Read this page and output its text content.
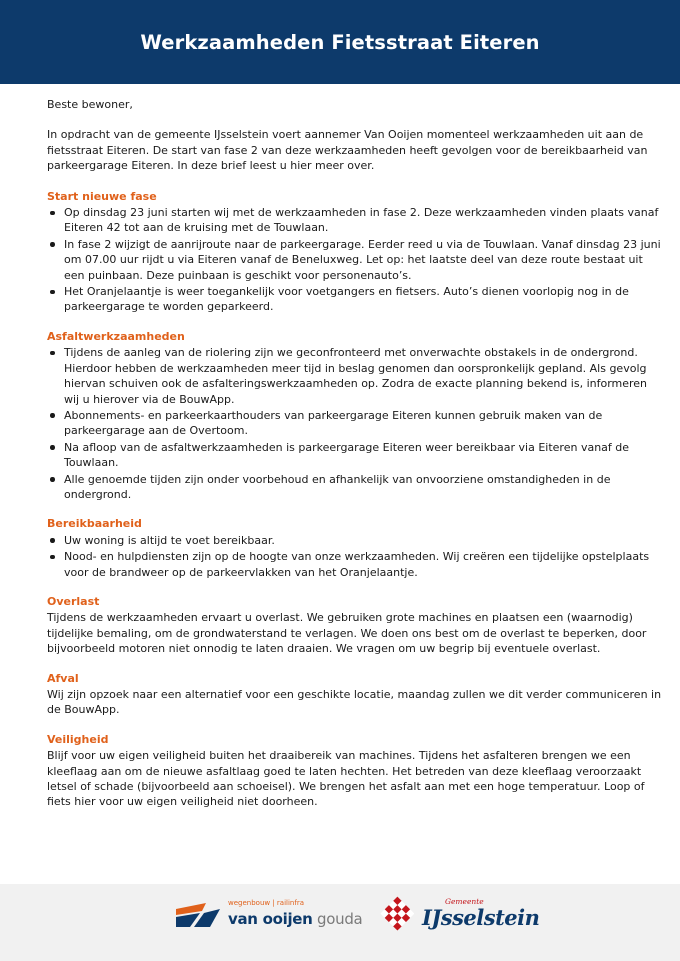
Werkzaamheden Fietsstraat Eiteren

Beste bewoner,

In opdracht van de gemeente IJsselstein voert aannemer Van Ooijen momenteel werkzaamheden uit aan de fietsstraat Eiteren. De start van fase 2 van deze werkzaamheden heeft gevolgen voor de bereikbaarheid van parkeergarage Eiteren. In deze brief leest u hier meer over.

Start nieuwe fase
Op dinsdag 23 juni starten wij met de werkzaamheden in fase 2. Deze werkzaamheden vinden plaats vanaf Eiteren 42 tot aan de kruising met de Touwlaan.
In fase 2 wijzigt de aanrijroute naar de parkeergarage. Eerder reed u via de Touwlaan. Vanaf dinsdag 23 juni om 07.00 uur rijdt u via Eiteren vanaf de Beneluxweg. Let op: het laatste deel van deze route bestaat uit een puinbaan. Deze puinbaan is geschikt voor personenauto’s.
Het Oranjelaantje is weer toegankelijk voor voetgangers en fietsers. Auto’s dienen voorlopig nog in de parkeergarage te worden geparkeerd.
Asfaltwerkzaamheden
Tijdens de aanleg van de riolering zijn we geconfronteerd met onverwachte obstakels in de ondergrond. Hierdoor hebben de werkzaamheden meer tijd in beslag genomen dan oorspronkelijk gepland. Als gevolg hiervan schuiven ook de asfalteringswerkzaamheden op. Zodra de exacte planning bekend is, informeren wij u hierover via de BouwApp.
Abonnements- en parkeerkaarthouders van parkeergarage Eiteren kunnen gebruik maken van de parkeergarage aan de Overtoom.
Na afloop van de asfaltwerkzaamheden is parkeergarage Eiteren weer bereikbaar via Eiteren vanaf de Touwlaan.
Alle genoemde tijden zijn onder voorbehoud en afhankelijk van onvoorziene omstandigheden in de ondergrond.
Bereikbaarheid
Uw woning is altijd te voet bereikbaar.
Nood- en hulpdiensten zijn op de hoogte van onze werkzaamheden. Wij creëren een tijdelijke opstelplaats voor de brandweer op de parkeervlakken van het Oranjelaantje.
Overlast

Tijdens de werkzaamheden ervaart u overlast. We gebruiken grote machines en plaatsen een (waarnodig) tijdelijke bemaling, om de grondwaterstand te verlagen. We doen ons best om de overlast te beperken, door bijvoorbeeld motoren niet onnodig te laten draaien. We vragen om uw begrip bij eventuele overlast.

Afval

Wij zijn opzoek naar een alternatief voor een geschikte locatie, maandag zullen we dit verder communiceren in de BouwApp.

Veiligheid

Blijf voor uw eigen veiligheid buiten het draaibereik van machines. Tijdens het asfalteren brengen we een kleeflaag aan om de nieuwe asfaltlaag goed te laten hechten. Het betreden van deze kleeflaag veroorzaakt letsel of schade (bijvoorbeeld aan schoeisel). We brengen het asfalt aan met een hoge temperatuur. Loop of fiets hier voor uw eigen veiligheid niet doorheen.

wegenbouw | railinfra
van ooijen gouda
Gemeente
IJsselstein
